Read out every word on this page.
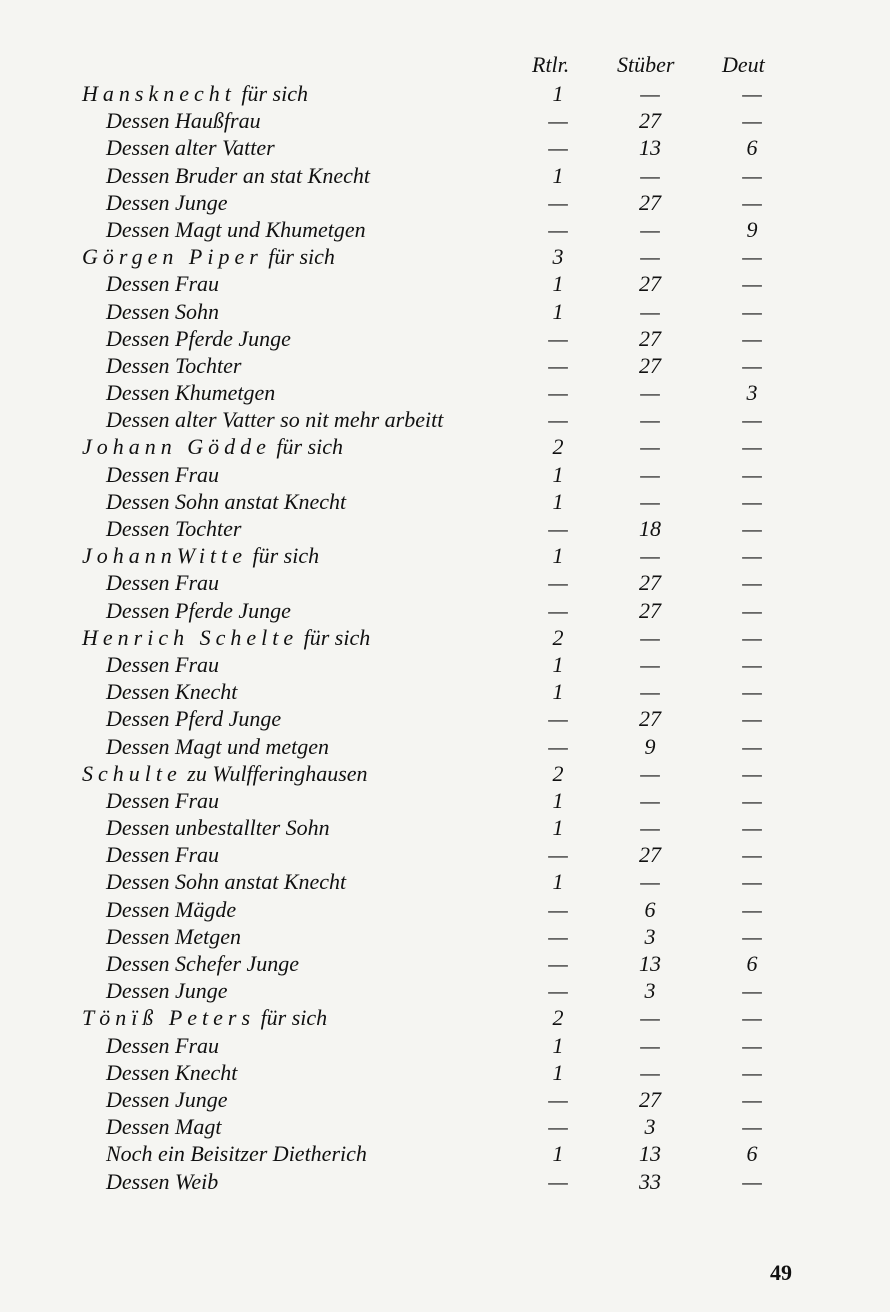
Rtlr. Stüber Deut
Hansknecht für sich	1	—	—
Dessen Haußfrau	—	27	—
Dessen alter Vatter	—	13	6
Dessen Bruder an stat Knecht	1	—	—
Dessen Junge	—	27	—
Dessen Magt und Khumetgen	—	—	9
Görgen Piper für sich	3	—	—
Dessen Frau	1	27	—
Dessen Sohn	1	—	—
Dessen Pferde Junge	—	27	—
Dessen Tochter	—	27	—
Dessen Khumetgen	—	—	3
Dessen alter Vatter so nit mehr arbeitt	—	—	—
Johann Gödde für sich	2	—	—
Dessen Frau	1	—	—
Dessen Sohn anstat Knecht	1	—	—
Dessen Tochter	—	18	—
JohannWitte für sich	1	—	—
Dessen Frau	—	27	—
Dessen Pferde Junge	—	27	—
Henrich Schelte für sich	2	—	—
Dessen Frau	1	—	—
Dessen Knecht	1	—	—
Dessen Pferd Junge	—	27	—
Dessen Magt und metgen	—	9	—
Schulte zu Wulfferinghausen	2	—	—
Dessen Frau	1	—	—
Dessen unbestallter Sohn	1	—	—
Dessen Frau	—	27	—
Dessen Sohn anstat Knecht	1	—	—
Dessen Mägde	—	6	—
Dessen Metgen	—	3	—
Dessen Schefer Junge	—	13	6
Dessen Junge	—	3	—
Tönïß Peters für sich	2	—	—
Dessen Frau	1	—	—
Dessen Knecht	1	—	—
Dessen Junge	—	27	—
Dessen Magt	—	3	—
Noch ein Beisitzer Dietherich	1	13	6
Dessen Weib	—	33	—
49
